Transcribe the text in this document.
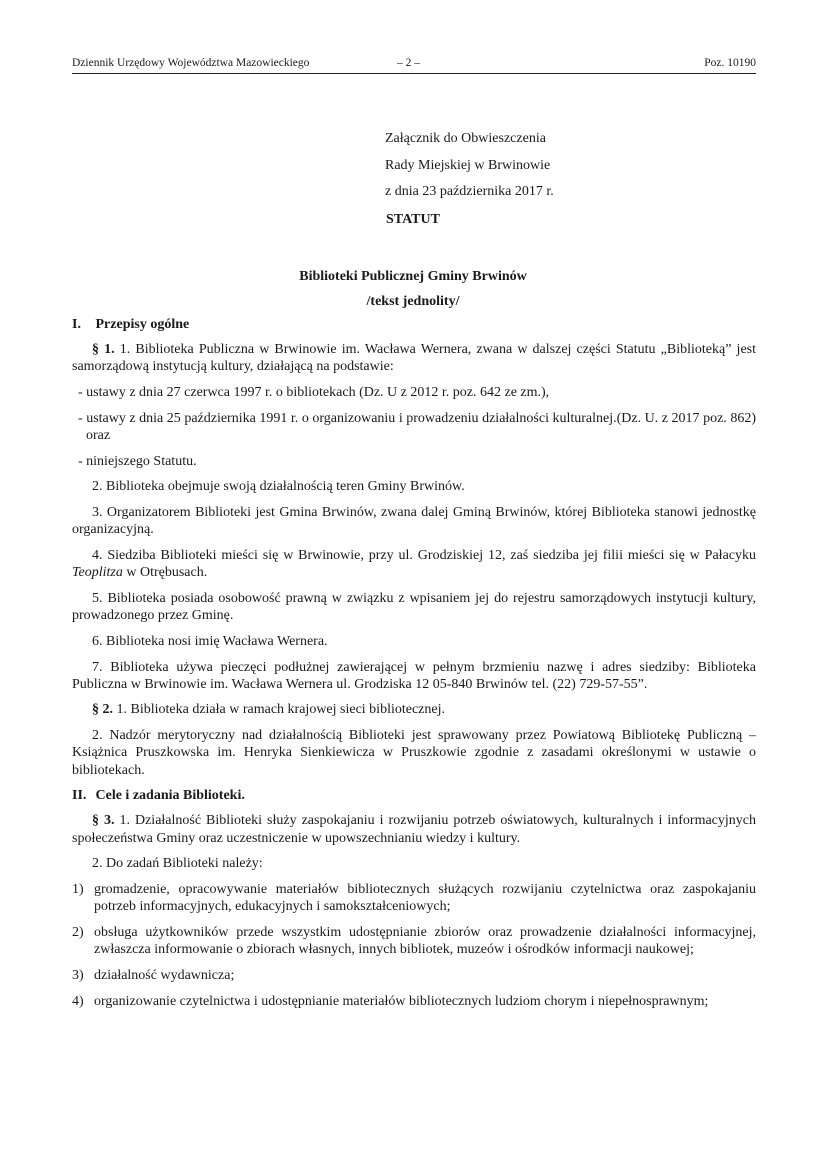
Dziennik Urzędowy Województwa Mazowieckiego	– 2 –	Poz. 10190
Załącznik do Obwieszczenia
Rady Miejskiej w Brwinowie
z dnia 23 października 2017 r.
STATUT
Biblioteki Publicznej Gminy Brwinów
/tekst jednolity/
I. Przepisy ogólne

§ 1. 1. Biblioteka Publiczna w Brwinowie im. Wacława Wernera, zwana w dalszej części Statutu „Biblioteką” jest samorządową instytucją kultury, działającą na podstawie:

- ustawy z dnia 27 czerwca 1997 r. o bibliotekach (Dz. U z 2012 r. poz. 642 ze zm.),
- ustawy z dnia 25 października 1991 r. o organizowaniu i prowadzeniu działalności kulturalnej.(Dz. U. z 2017 poz. 862) oraz
- niniejszego Statutu.

2. Biblioteka obejmuje swoją działalnością teren Gminy Brwinów.

3. Organizatorem Biblioteki jest Gmina Brwinów, zwana dalej Gminą Brwinów, której Biblioteka stanowi jednostkę organizacyjną.

4. Siedziba Biblioteki mieści się w Brwinowie, przy ul. Grodziskiej 12, zaś siedziba jej filii mieści się w Pałacyku Teoplitza w Otrębusach.

5. Biblioteka posiada osobowość prawną w związku z wpisaniem jej do rejestru samorządowych instytucji kultury, prowadzonego przez Gminę.

6. Biblioteka nosi imię Wacława Wernera.

7. Biblioteka używa pieczęci podłużnej zawierającej w pełnym brzmieniu nazwę i adres siedziby: Biblioteka Publiczna w Brwinowie im. Wacława Wernera ul. Grodziska 12 05-840 Brwinów tel. (22) 729-57-55”.

§ 2. 1. Biblioteka działa w ramach krajowej sieci bibliotecznej.

2. Nadzór merytoryczny nad działalnością Biblioteki jest sprawowany przez Powiatową Bibliotekę Publiczną – Książnica Pruszkowska im. Henryka Sienkiewicza w Pruszkowie zgodnie z zasadami określonymi w ustawie o bibliotekach.

II. Cele i zadania Biblioteki.

§ 3. 1. Działalność Biblioteki służy zaspokajaniu i rozwijaniu potrzeb oświatowych, kulturalnych i informacyjnych społeczeństwa Gminy oraz uczestniczenie w upowszechnianiu wiedzy i kultury.

2. Do zadań Biblioteki należy:

1) gromadzenie, opracowywanie materiałów bibliotecznych służących rozwijaniu czytelnictwa oraz zaspokajaniu potrzeb informacyjnych, edukacyjnych i samokształceniowych;
2) obsługa użytkowników przede wszystkim udostępnianie zbiorów oraz prowadzenie działalności informacyjnej, zwłaszcza informowanie o zbiorach własnych, innych bibliotek, muzeów i ośrodków informacji naukowej;
3) działalność wydawnicza;
4) organizowanie czytelnictwa i udostępnianie materiałów bibliotecznych ludziom chorym i niepełnosprawnym;
